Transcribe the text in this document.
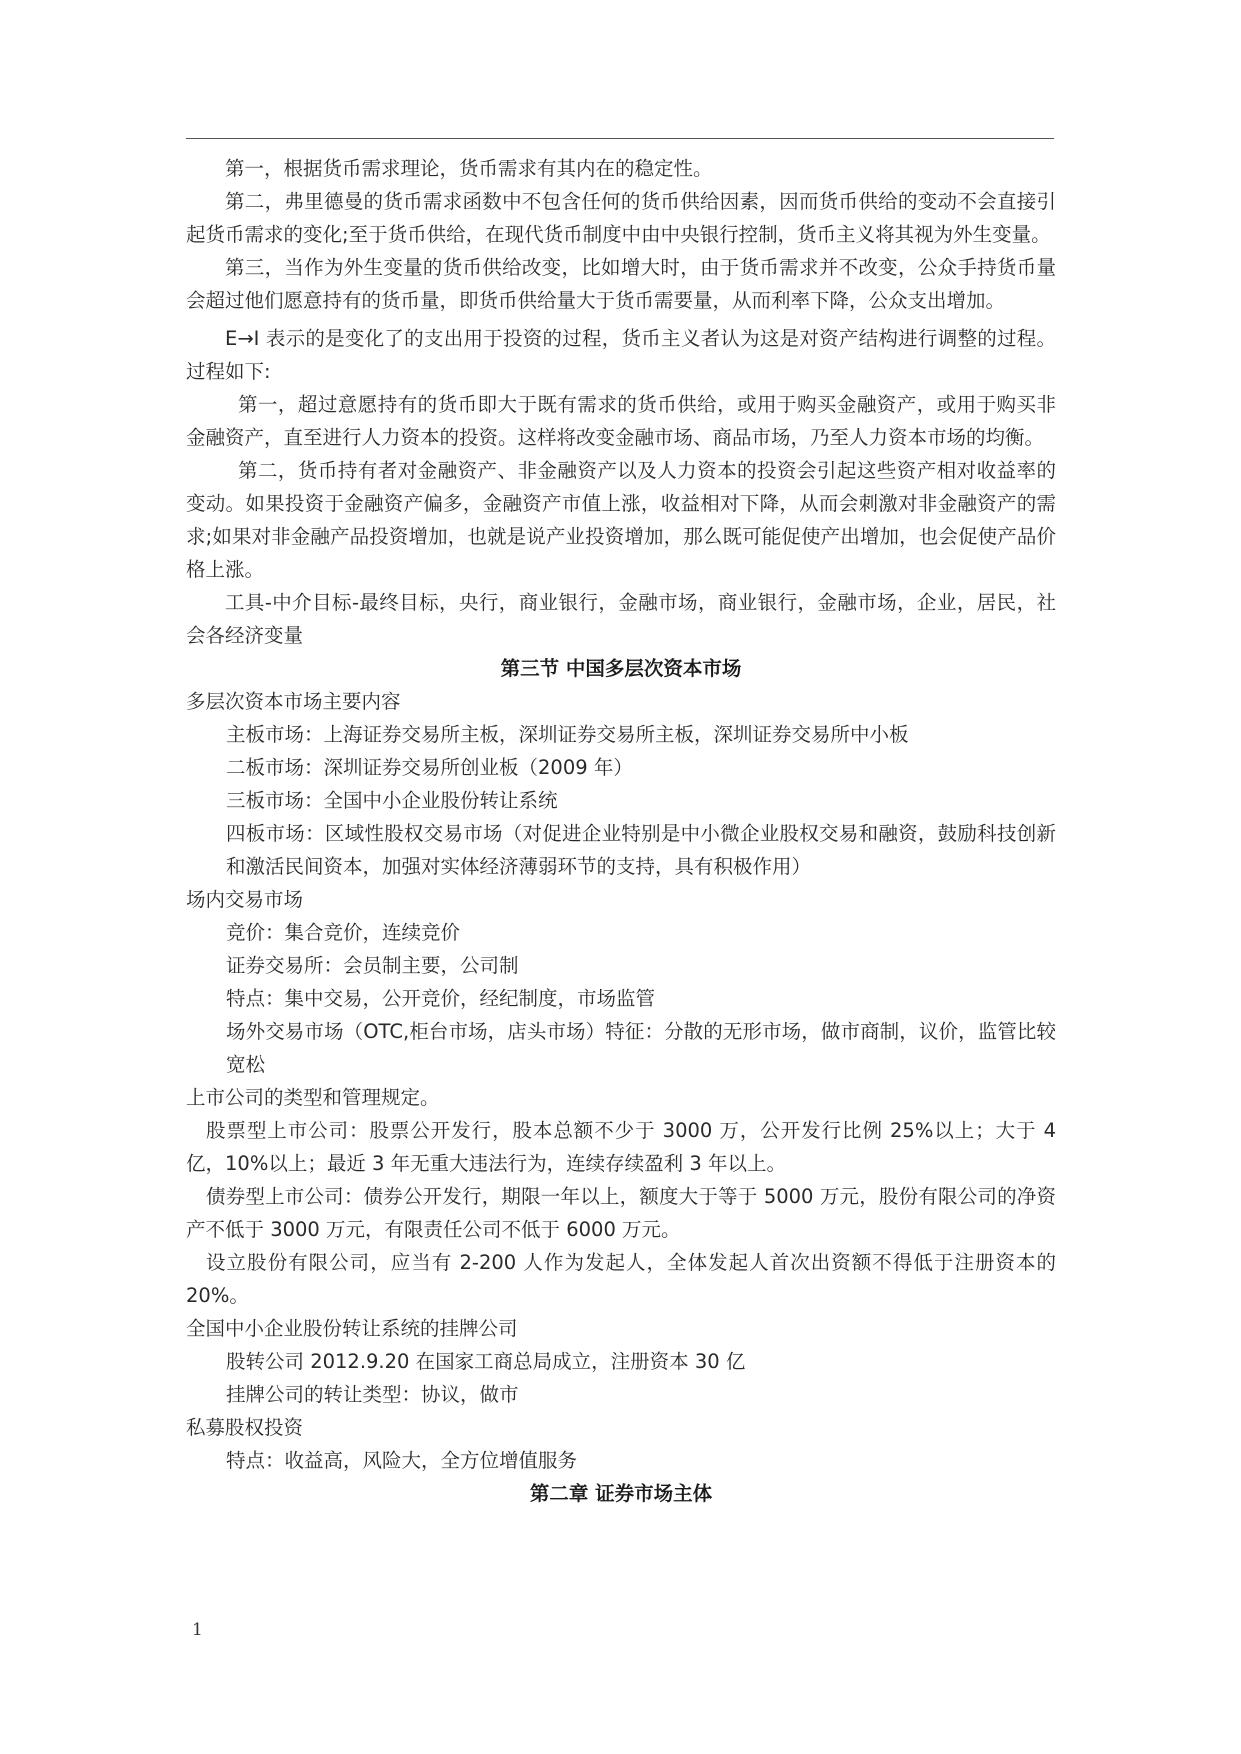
第一，根据货币需求理论，货币需求有其内在的稳定性。

第二，弗里德曼的货币需求函数中不包含任何的货币供给因素，因而货币供给的变动不会直接引起货币需求的变化;至于货币供给，在现代货币制度中由中央银行控制，货币主义将其视为外生变量。

第三，当作为外生变量的货币供给改变，比如增大时，由于货币需求并不改变，公众手持货币量会超过他们愿意持有的货币量，即货币供给量大于货币需要量，从而利率下降，公众支出增加。

E→I 表示的是变化了的支出用于投资的过程，货币主义者认为这是对资产结构进行调整的过程。过程如下:

第一，超过意愿持有的货币即大于既有需求的货币供给，或用于购买金融资产，或用于购买非金融资产，直至进行人力资本的投资。这样将改变金融市场、商品市场，乃至人力资本市场的均衡。

第二，货币持有者对金融资产、非金融资产以及人力资本的投资会引起这些资产相对收益率的变动。如果投资于金融资产偏多，金融资产市值上涨，收益相对下降，从而会刺激对非金融资产的需求;如果对非金融产品投资增加，也就是说产业投资增加，那么既可能促使产出增加，也会促使产品价格上涨。

工具-中介目标-最终目标，央行，商业银行，金融市场，商业银行，金融市场，企业，居民，社会各经济变量

第三节 中国多层次资本市场

多层次资本市场主要内容

主板市场：上海证券交易所主板，深圳证券交易所主板，深圳证券交易所中小板

二板市场：深圳证券交易所创业板（2009 年）

三板市场：全国中小企业股份转让系统

四板市场：区域性股权交易市场（对促进企业特别是中小微企业股权交易和融资，鼓励科技创新和激活民间资本，加强对实体经济薄弱环节的支持，具有积极作用）

场内交易市场

竞价：集合竞价，连续竞价

证券交易所：会员制主要，公司制

特点：集中交易，公开竞价，经纪制度，市场监管

场外交易市场（OTC,柜台市场，店头市场）特征：分散的无形市场，做市商制，议价，监管比较宽松

上市公司的类型和管理规定。

股票型上市公司：股票公开发行，股本总额不少于 3000 万，公开发行比例 25%以上；大于 4 亿，10%以上；最近 3 年无重大违法行为，连续存续盈利 3 年以上。

债券型上市公司：债券公开发行，期限一年以上，额度大于等于 5000 万元，股份有限公司的净资产不低于 3000 万元，有限责任公司不低于 6000 万元。

设立股份有限公司，应当有 2-200 人作为发起人，全体发起人首次出资额不得低于注册资本的 20%。

全国中小企业股份转让系统的挂牌公司

股转公司 2012.9.20 在国家工商总局成立，注册资本 30 亿

挂牌公司的转让类型：协议，做市

私募股权投资

特点：收益高，风险大，全方位增值服务

第二章 证券市场主体

1
